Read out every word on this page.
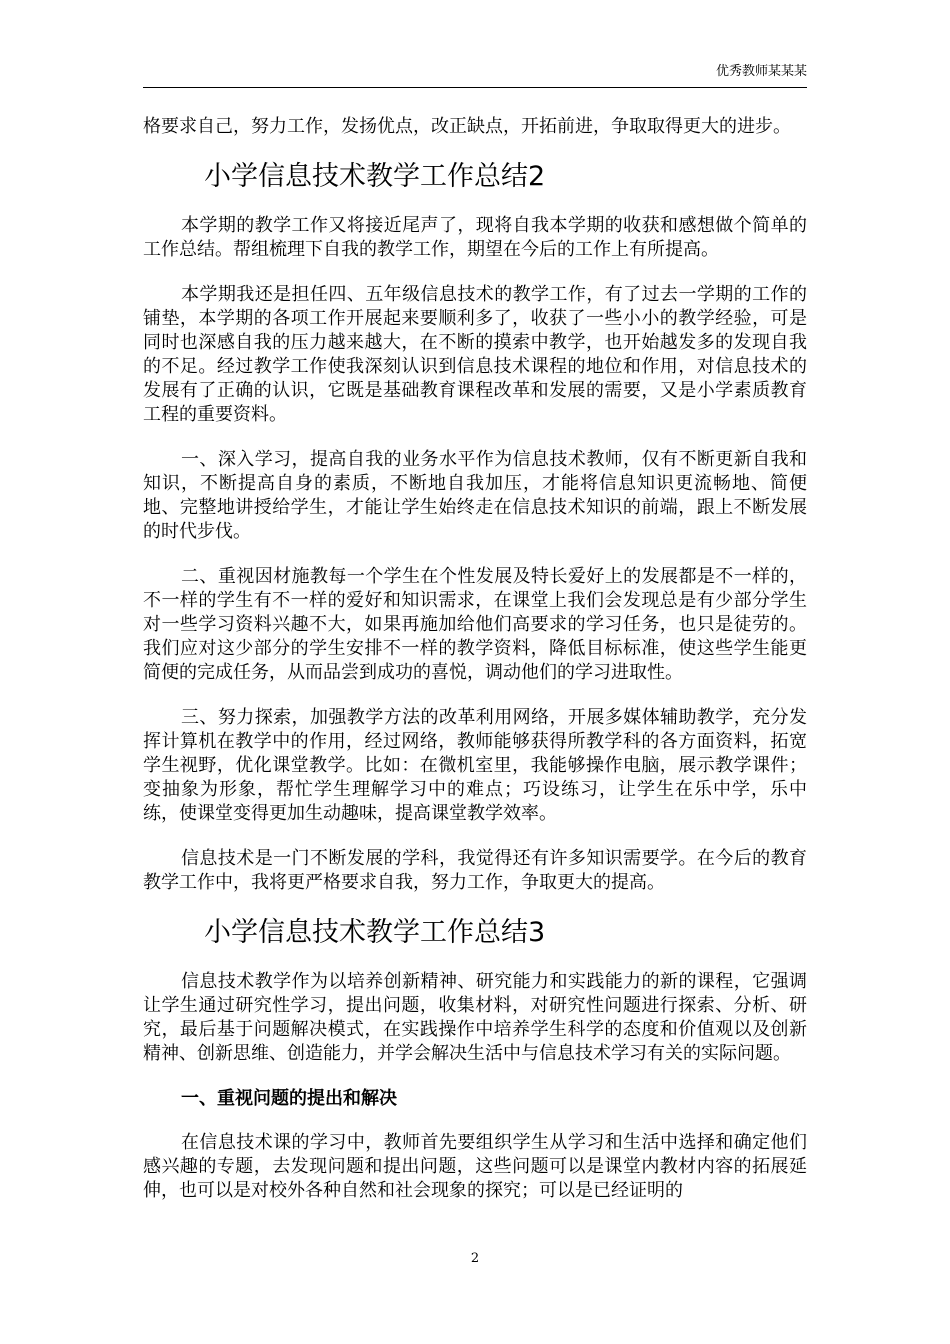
优秀教师某某某

格要求自己，努力工作，发扬优点，改正缺点，开拓前进，争取取得更大的进步。

小学信息技术教学工作总结2

本学期的教学工作又将接近尾声了，现将自我本学期的收获和感想做个简单的工作总结。帮组梳理下自我的教学工作，期望在今后的工作上有所提高。

本学期我还是担任四、五年级信息技术的教学工作，有了过去一学期的工作的铺垫，本学期的各项工作开展起来要顺利多了，收获了一些小小的教学经验，可是同时也深感自我的压力越来越大，在不断的摸索中教学，也开始越发多的发现自我的不足。经过教学工作使我深刻认识到信息技术课程的地位和作用，对信息技术的发展有了正确的认识，它既是基础教育课程改革和发展的需要，又是小学素质教育工程的重要资料。

一、深入学习，提高自我的业务水平作为信息技术教师，仅有不断更新自我和知识，不断提高自身的素质，不断地自我加压，才能将信息知识更流畅地、简便地、完整地讲授给学生，才能让学生始终走在信息技术知识的前端，跟上不断发展的时代步伐。

二、重视因材施教每一个学生在个性发展及特长爱好上的发展都是不一样的，不一样的学生有不一样的爱好和知识需求，在课堂上我们会发现总是有少部分学生对一些学习资料兴趣不大，如果再施加给他们高要求的学习任务，也只是徒劳的。我们应对这少部分的学生安排不一样的教学资料，降低目标标准，使这些学生能更简便的完成任务，从而品尝到成功的喜悦，调动他们的学习进取性。

三、努力探索，加强教学方法的改革利用网络，开展多媒体辅助教学，充分发挥计算机在教学中的作用，经过网络，教师能够获得所教学科的各方面资料，拓宽学生视野，优化课堂教学。比如：在微机室里，我能够操作电脑，展示教学课件；变抽象为形象，帮忙学生理解学习中的难点；巧设练习，让学生在乐中学，乐中练，使课堂变得更加生动趣味，提高课堂教学效率。

信息技术是一门不断发展的学科，我觉得还有许多知识需要学。在今后的教育教学工作中，我将更严格要求自我，努力工作，争取更大的提高。

小学信息技术教学工作总结3

信息技术教学作为以培养创新精神、研究能力和实践能力的新的课程，它强调让学生通过研究性学习，提出问题，收集材料，对研究性问题进行探索、分析、研究，最后基于问题解决模式，在实践操作中培养学生科学的态度和价值观以及创新精神、创新思维、创造能力，并学会解决生活中与信息技术学习有关的实际问题。

一、重视问题的提出和解决

在信息技术课的学习中，教师首先要组织学生从学习和生活中选择和确定他们感兴趣的专题，去发现问题和提出问题，这些问题可以是课堂内教材内容的拓展延伸，也可以是对校外各种自然和社会现象的探究；可以是已经证明的

2
